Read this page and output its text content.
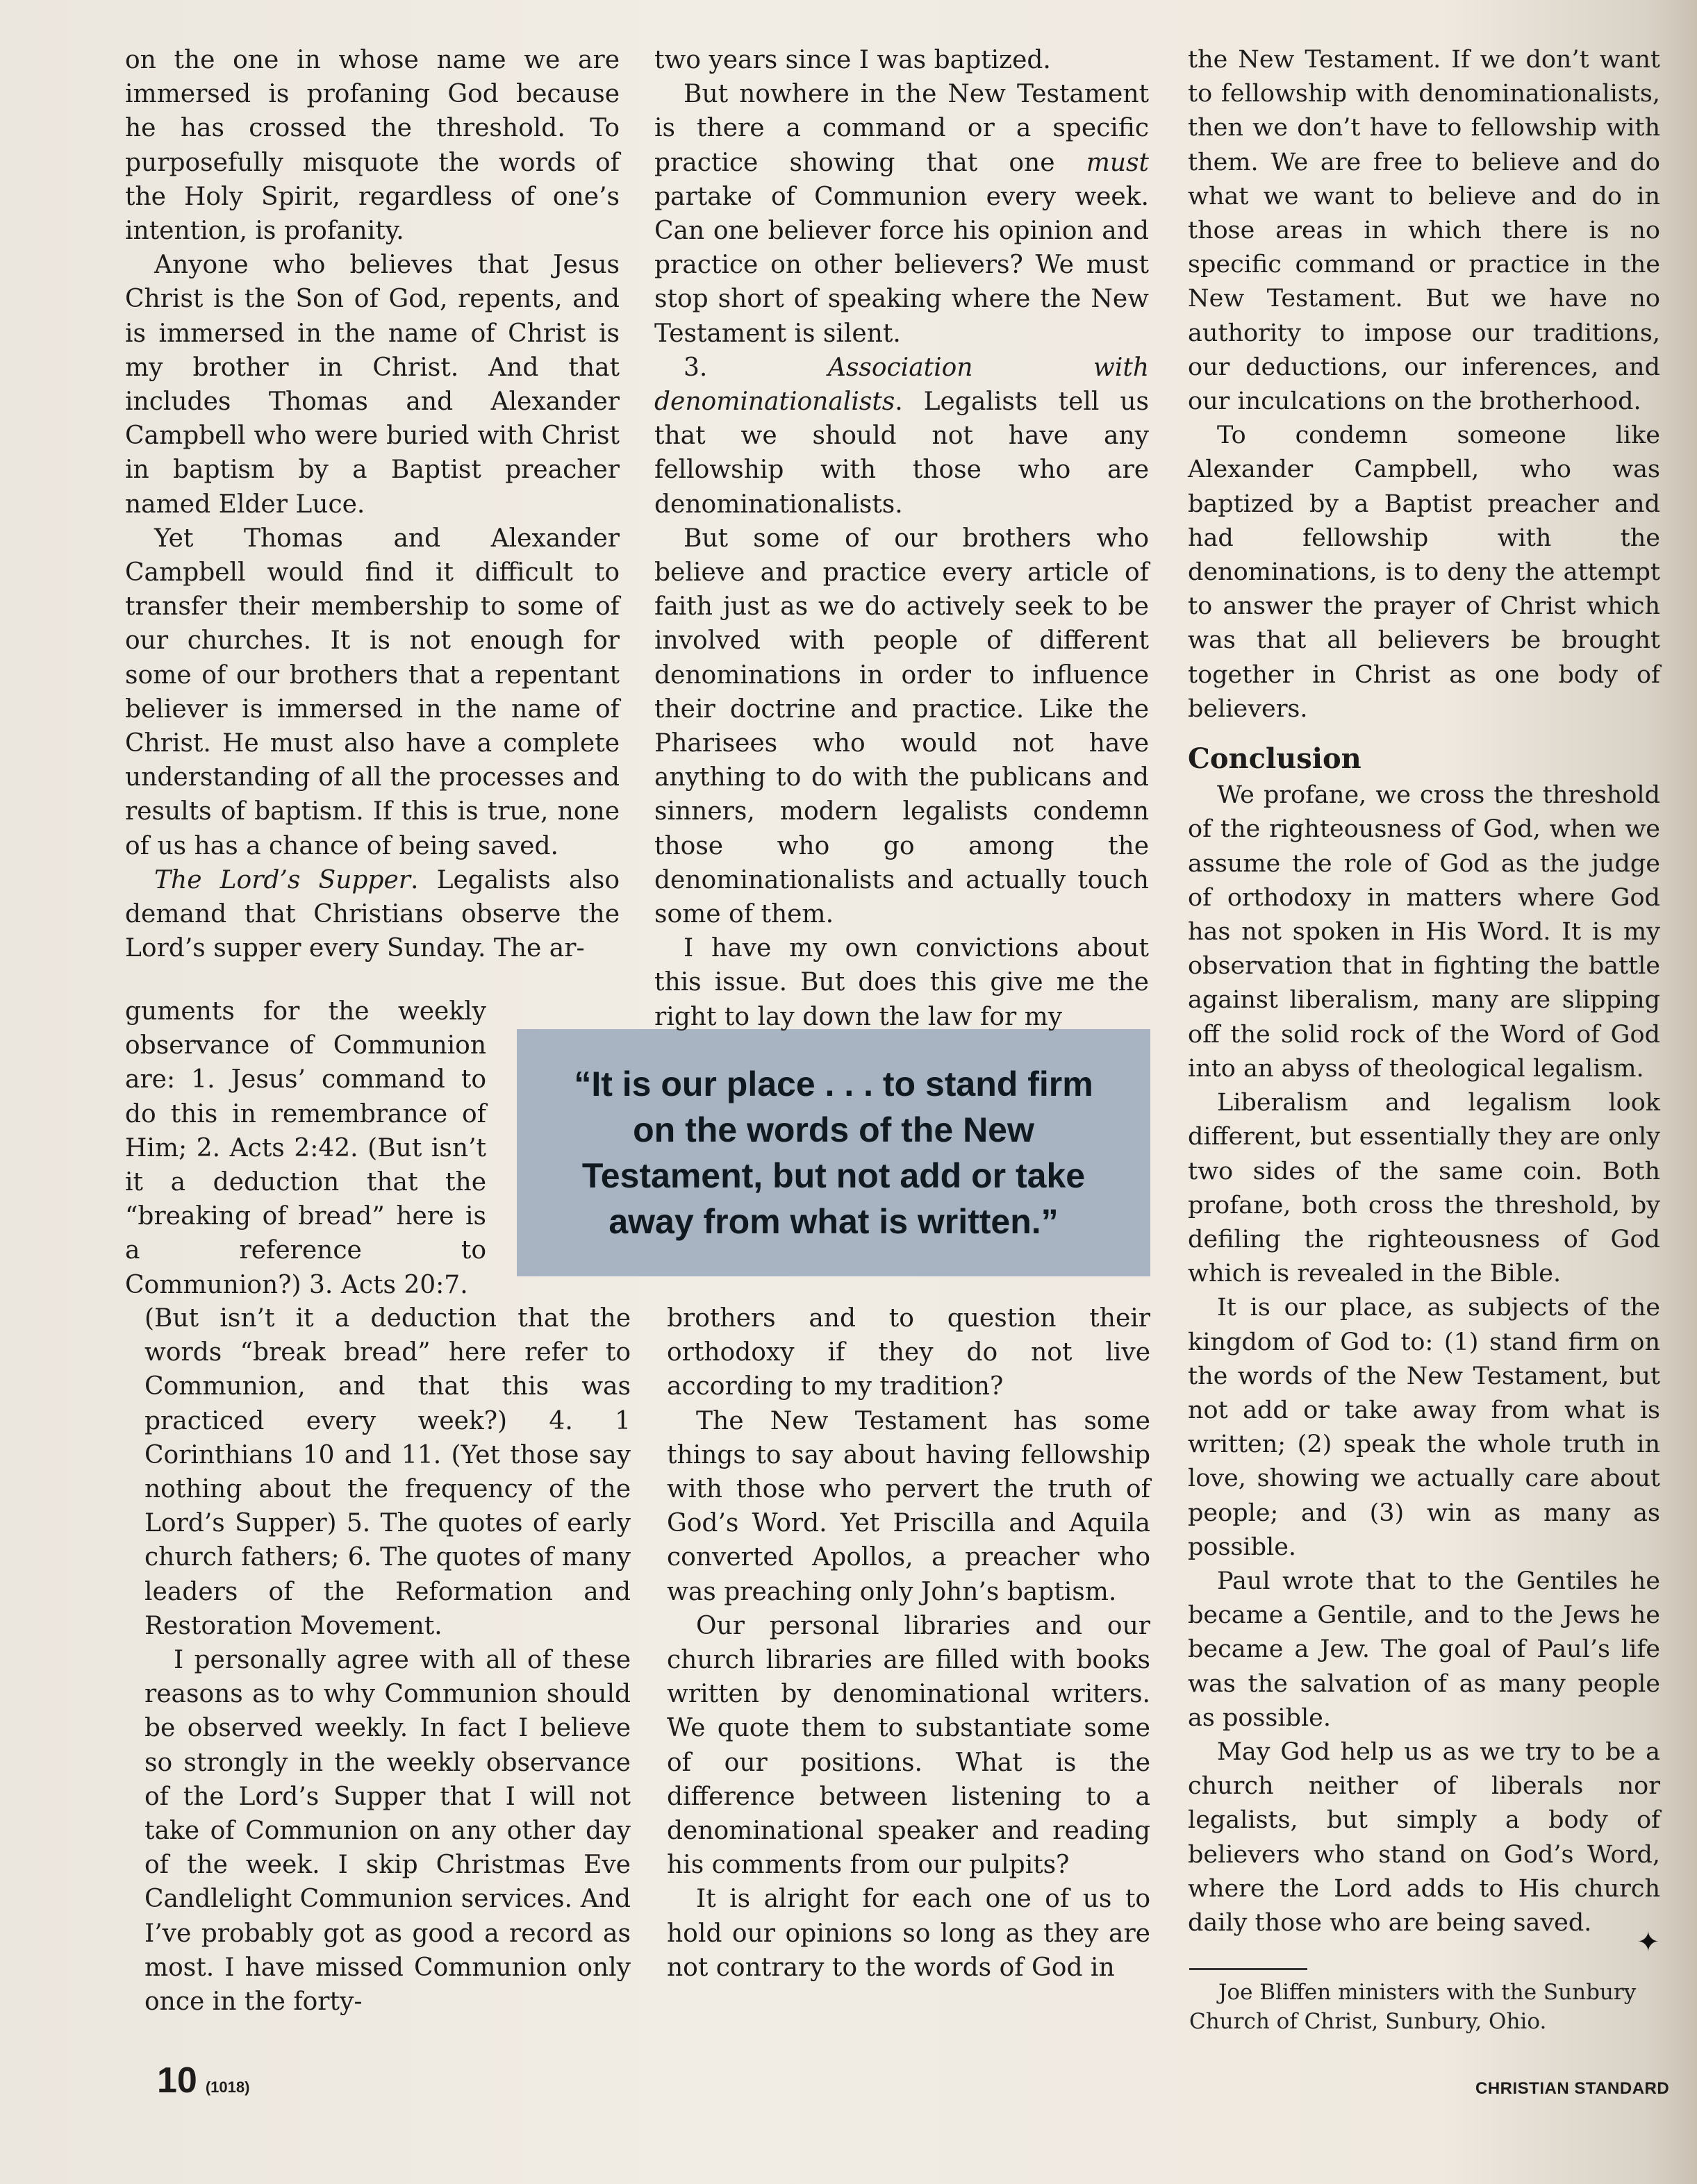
on the one in whose name we are immersed is profaning God because he has crossed the threshold. To purposefully misquote the words of the Holy Spirit, regardless of one’s intention, is profanity.

Anyone who believes that Jesus Christ is the Son of God, repents, and is immersed in the name of Christ is my brother in Christ. And that includes Thomas and Alexander Campbell who were buried with Christ in baptism by a Baptist preacher named Elder Luce.

Yet Thomas and Alexander Campbell would find it difficult to transfer their membership to some of our churches. It is not enough for some of our brothers that a repentant believer is immersed in the name of Christ. He must also have a complete understanding of all the processes and results of baptism. If this is true, none of us has a chance of being saved.

The Lord’s Supper. Legalists also demand that Christians observe the Lord’s supper every Sunday. The ar-

guments for the weekly observance of Communion are: 1. Jesus’ command to do this in remembrance of Him; 2. Acts 2:42. (But isn’t it a deduction that the “breaking of bread” here is a reference to Communion?) 3. Acts 20:7.

“It is our place . . . to stand firm on the words of the New Testament, but not add or take away from what is written.”

(But isn’t it a deduction that the words “break bread” here refer to Communion, and that this was practiced every week?) 4. 1 Corinthians 10 and 11. (Yet those say nothing about the frequency of the Lord’s Supper) 5. The quotes of early church fathers; 6. The quotes of many leaders of the Reformation and Restoration Movement.

I personally agree with all of these reasons as to why Communion should be observed weekly. In fact I believe so strongly in the weekly observance of the Lord’s Supper that I will not take of Communion on any other day of the week. I skip Christmas Eve Candlelight Communion services. And I’ve probably got as good a record as most. I have missed Communion only once in the forty-

two years since I was baptized.

But nowhere in the New Testament is there a command or a specific practice showing that one must partake of Communion every week. Can one believer force his opinion and practice on other believers? We must stop short of speaking where the New Testament is silent.

3. Association with denominationalists. Legalists tell us that we should not have any fellowship with those who are denominationalists.

But some of our brothers who believe and practice every article of faith just as we do actively seek to be involved with people of different denominations in order to influence their doctrine and practice. Like the Pharisees who would not have anything to do with the publicans and sinners, modern legalists condemn those who go among the denominationalists and actually touch some of them.

I have my own convictions about this issue. But does this give me the right to lay down the law for my

brothers and to question their orthodoxy if they do not live according to my tradition?

The New Testament has some things to say about having fellowship with those who pervert the truth of God’s Word. Yet Priscilla and Aquila converted Apollos, a preacher who was preaching only John’s baptism.

Our personal libraries and our church libraries are filled with books written by denominational writers. We quote them to substantiate some of our positions. What is the difference between listening to a denominational speaker and reading his comments from our pulpits?

It is alright for each one of us to hold our opinions so long as they are not contrary to the words of God in

the New Testament. If we don’t want to fellowship with denominationalists, then we don’t have to fellowship with them. We are free to believe and do what we want to believe and do in those areas in which there is no specific command or practice in the New Testament. But we have no authority to impose our traditions, our deductions, our inferences, and our inculcations on the brotherhood.

To condemn someone like Alexander Campbell, who was baptized by a Baptist preacher and had fellowship with the denominations, is to deny the attempt to answer the prayer of Christ which was that all believers be brought together in Christ as one body of believers.

Conclusion

We profane, we cross the threshold of the righteousness of God, when we assume the role of God as the judge of orthodoxy in matters where God has not spoken in His Word. It is my observation that in fighting the battle against liberalism, many are slipping off the solid rock of the Word of God into an abyss of theological legalism.

Liberalism and legalism look different, but essentially they are only two sides of the same coin. Both profane, both cross the threshold, by defiling the righteousness of God which is revealed in the Bible.

It is our place, as subjects of the kingdom of God to: (1) stand firm on the words of the New Testament, but not add or take away from what is written; (2) speak the whole truth in love, showing we actually care about people; and (3) win as many as possible.

Paul wrote that to the Gentiles he became a Gentile, and to the Jews he became a Jew. The goal of Paul’s life was the salvation of as many people as possible.

May God help us as we try to be a church neither of liberals nor legalists, but simply a body of believers who stand on God’s Word, where the Lord adds to His church daily those who are being saved.

✦

Joe Bliffen ministers with the Sunbury Church of Christ, Sunbury, Ohio.

10 (1018)	CHRISTIAN STANDARD
